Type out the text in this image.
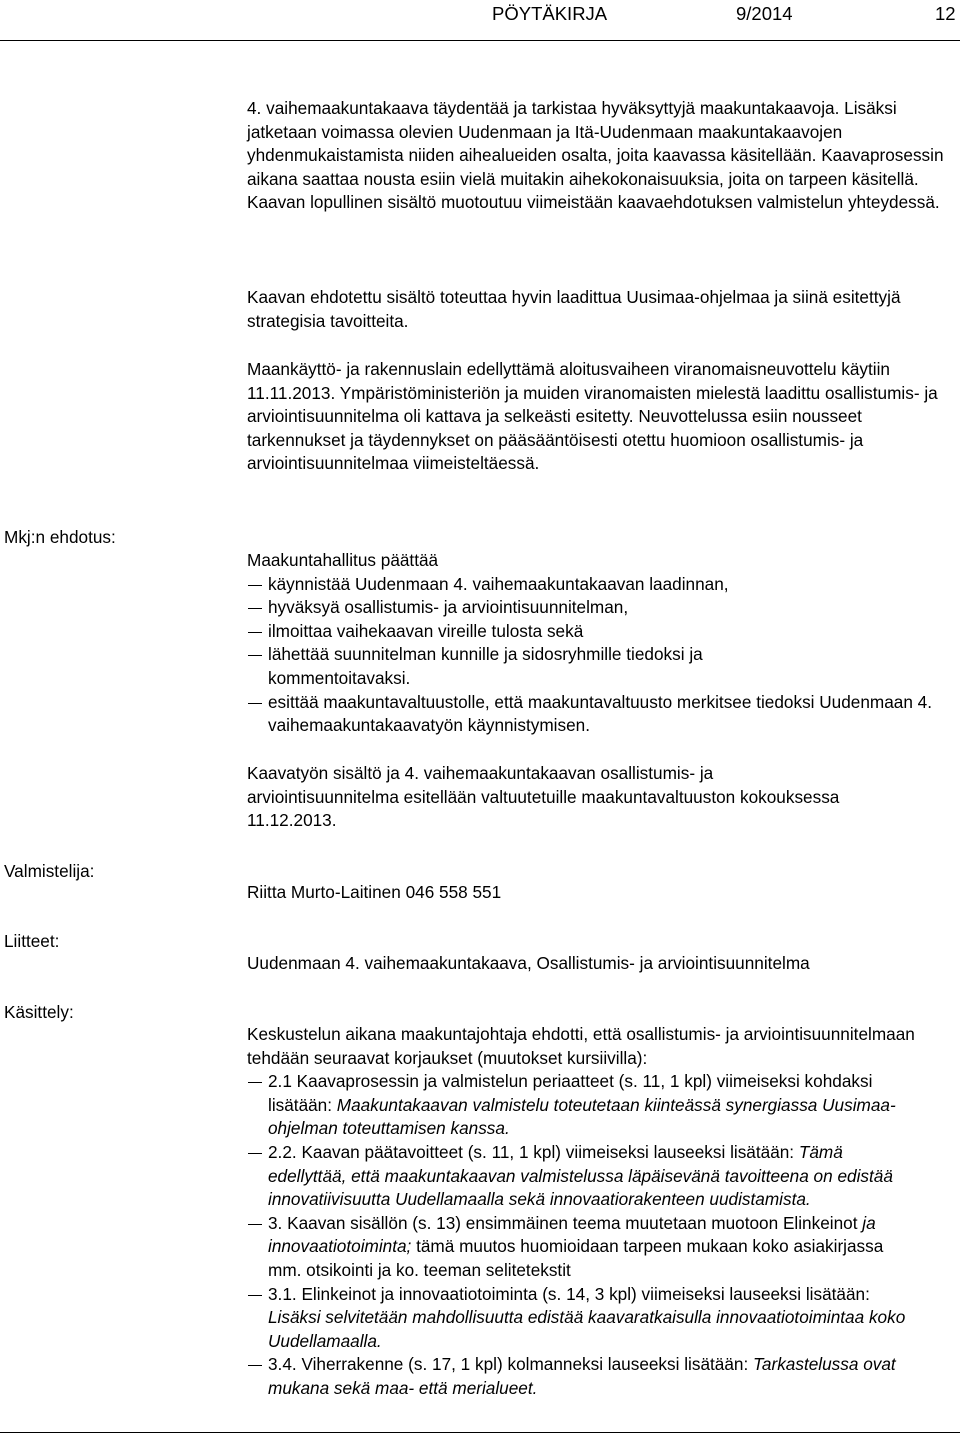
PÖYTÄKIRJA	9/2014	12

4. vaihemaakuntakaava täydentää ja tarkistaa hyväksyttyjä maakuntakaavoja. Lisäksi jatketaan voimassa olevien Uudenmaan ja Itä-Uudenmaan maakuntakaavojen yhdenmukaistamista niiden aihealueiden osalta, joita kaavassa käsitellään. Kaavaprosessin aikana saattaa nousta esiin vielä muitakin aihekokonaisuuksia, joita on tarpeen käsitellä. Kaavan lopullinen sisältö muotoutuu viimeistään kaavaehdotuksen valmistelun yhteydessä.

Kaavan ehdotettu sisältö toteuttaa hyvin laadittua Uusimaa-ohjelmaa ja siinä esitettyjä strategisia tavoitteita.

Maankäyttö- ja rakennuslain edellyttämä aloitusvaiheen viranomaisneuvottelu käytiin 11.11.2013. Ympäristöministeriön ja muiden viranomaisten mielestä laadittu osallistumis- ja arviointisuunnitelma oli kattava ja selkeästi esitetty. Neuvottelussa esiin nousseet tarkennukset ja täydennykset on pääsääntöisesti otettu huomioon osallistumis- ja arviointisuunnitelmaa viimeisteltäessä.

Mkj:n ehdotus:

Maakuntahallitus päättää

käynnistää Uudenmaan 4. vaihemaakuntakaavan laadinnan,
hyväksyä osallistumis- ja arviointisuunnitelman,
ilmoittaa vaihekaavan vireille tulosta sekä
lähettää suunnitelman kunnille ja sidosryhmille tiedoksi ja kommentoitavaksi.
esittää maakuntavaltuustolle, että maakuntavaltuusto merkitsee tiedoksi Uudenmaan 4. vaihemaakuntakaavatyön käynnistymisen.

Kaavatyön sisältö ja 4. vaihemaakuntakaavan osallistumis- ja arviointisuunnitelma esitellään valtuutetuille maakuntavaltuuston kokouksessa 11.12.2013.

Valmistelija:
Riitta Murto-Laitinen 046 558 551
Liitteet:
Uudenmaan 4. vaihemaakuntakaava, Osallistumis- ja arviointisuunnitelma
Käsittely:

Keskustelun aikana maakuntajohtaja ehdotti, että osallistumis- ja arviointisuunnitelmaan tehdään seuraavat korjaukset (muutokset kursiivilla):

2.1 Kaavaprosessin ja valmistelun periaatteet (s. 11, 1 kpl) viimeiseksi kohdaksi lisätään: Maakuntakaavan valmistelu toteutetaan kiinteässä synergiassa Uusimaa-ohjelman toteuttamisen kanssa.
2.2. Kaavan päätavoitteet (s. 11, 1 kpl) viimeiseksi lauseeksi lisätään: Tämä edellyttää, että maakuntakaavan valmistelussa läpäisevänä tavoitteena on edistää innovatiivisuutta Uudellamaalla sekä innovaatiorakenteen uudistamista.
3. Kaavan sisällön (s. 13) ensimmäinen teema muutetaan muotoon Elinkeinot ja innovaatiotoiminta; tämä muutos huomioidaan tarpeen mukaan koko asiakirjassa mm. otsikointi ja ko. teeman selitetekstit
3.1. Elinkeinot ja innovaatiotoiminta (s. 14, 3 kpl) viimeiseksi lauseeksi lisätään: Lisäksi selvitetään mahdollisuutta edistää kaavaratkaisulla innovaatiotoimintaa koko Uudellamaalla.
3.4. Viherrakenne (s. 17, 1 kpl) kolmanneksi lauseeksi lisätään: Tarkastelussa ovat mukana sekä maa- että merialueet.
